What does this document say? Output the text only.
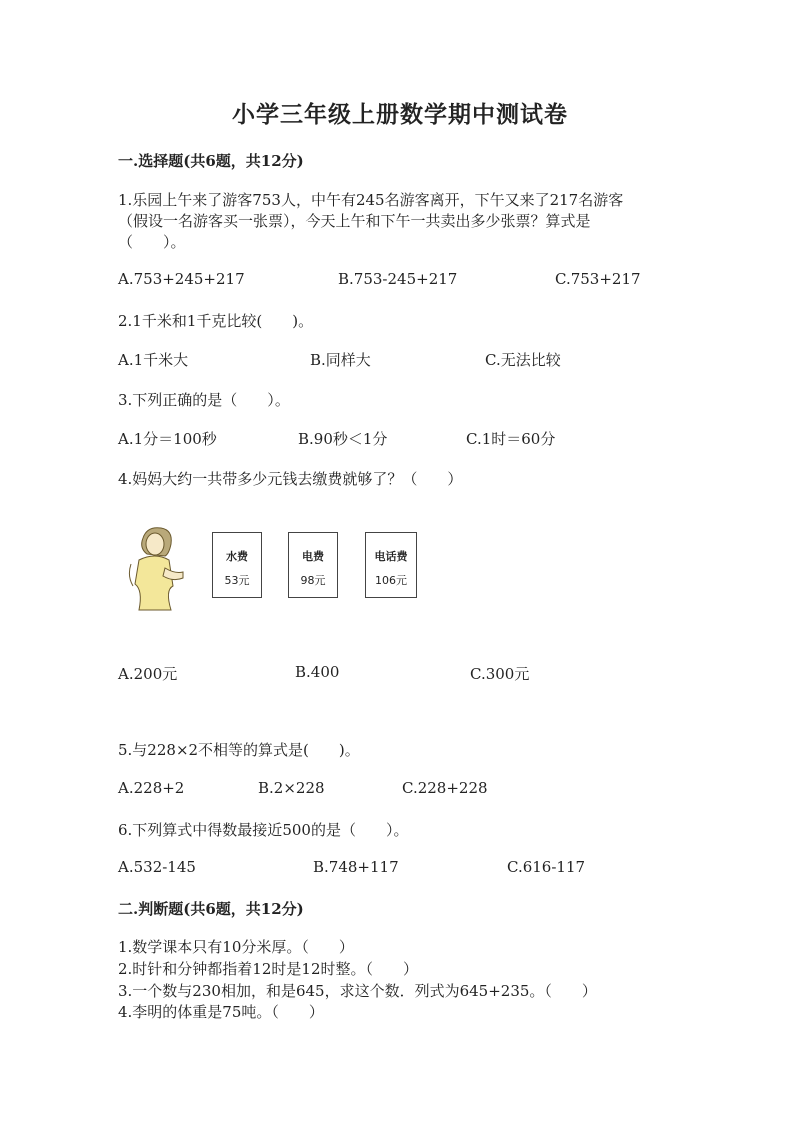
小学三年级上册数学期中测试卷
一.选择题(共6题，共12分)
1.乐园上午来了游客753人，中午有245名游客离开，下午又来了217名游客
（假设一名游客买一张票），今天上午和下午一共卖出多少张票？算式是
（　　）。
A.753+245+217	B.753-245+217	C.753+217
2.1千米和1千克比较(　　)。
A.1千米大	B.同样大	C.无法比较
3.下列正确的是（　　）。
A.1分＝100秒	B.90秒＜1分	C.1时＝60分
4.妈妈大约一共带多少元钱去缴费就够了？（　　）
水费
53元
电费
98元
电话费
106元
A.200元	B.400	C.300元
5.与228×2不相等的算式是(　　)。
A.228+2	B.2×228	C.228+228
6.下列算式中得数最接近500的是（　　）。
A.532-145	B.748+117	C.616-117
二.判断题(共6题，共12分)
1.数学课本只有10分米厚。（　　）
2.时针和分钟都指着12时是12时整。（　　）
3.一个数与230相加，和是645，求这个数．列式为645+235。（　　）
4.李明的体重是75吨。（　　）
